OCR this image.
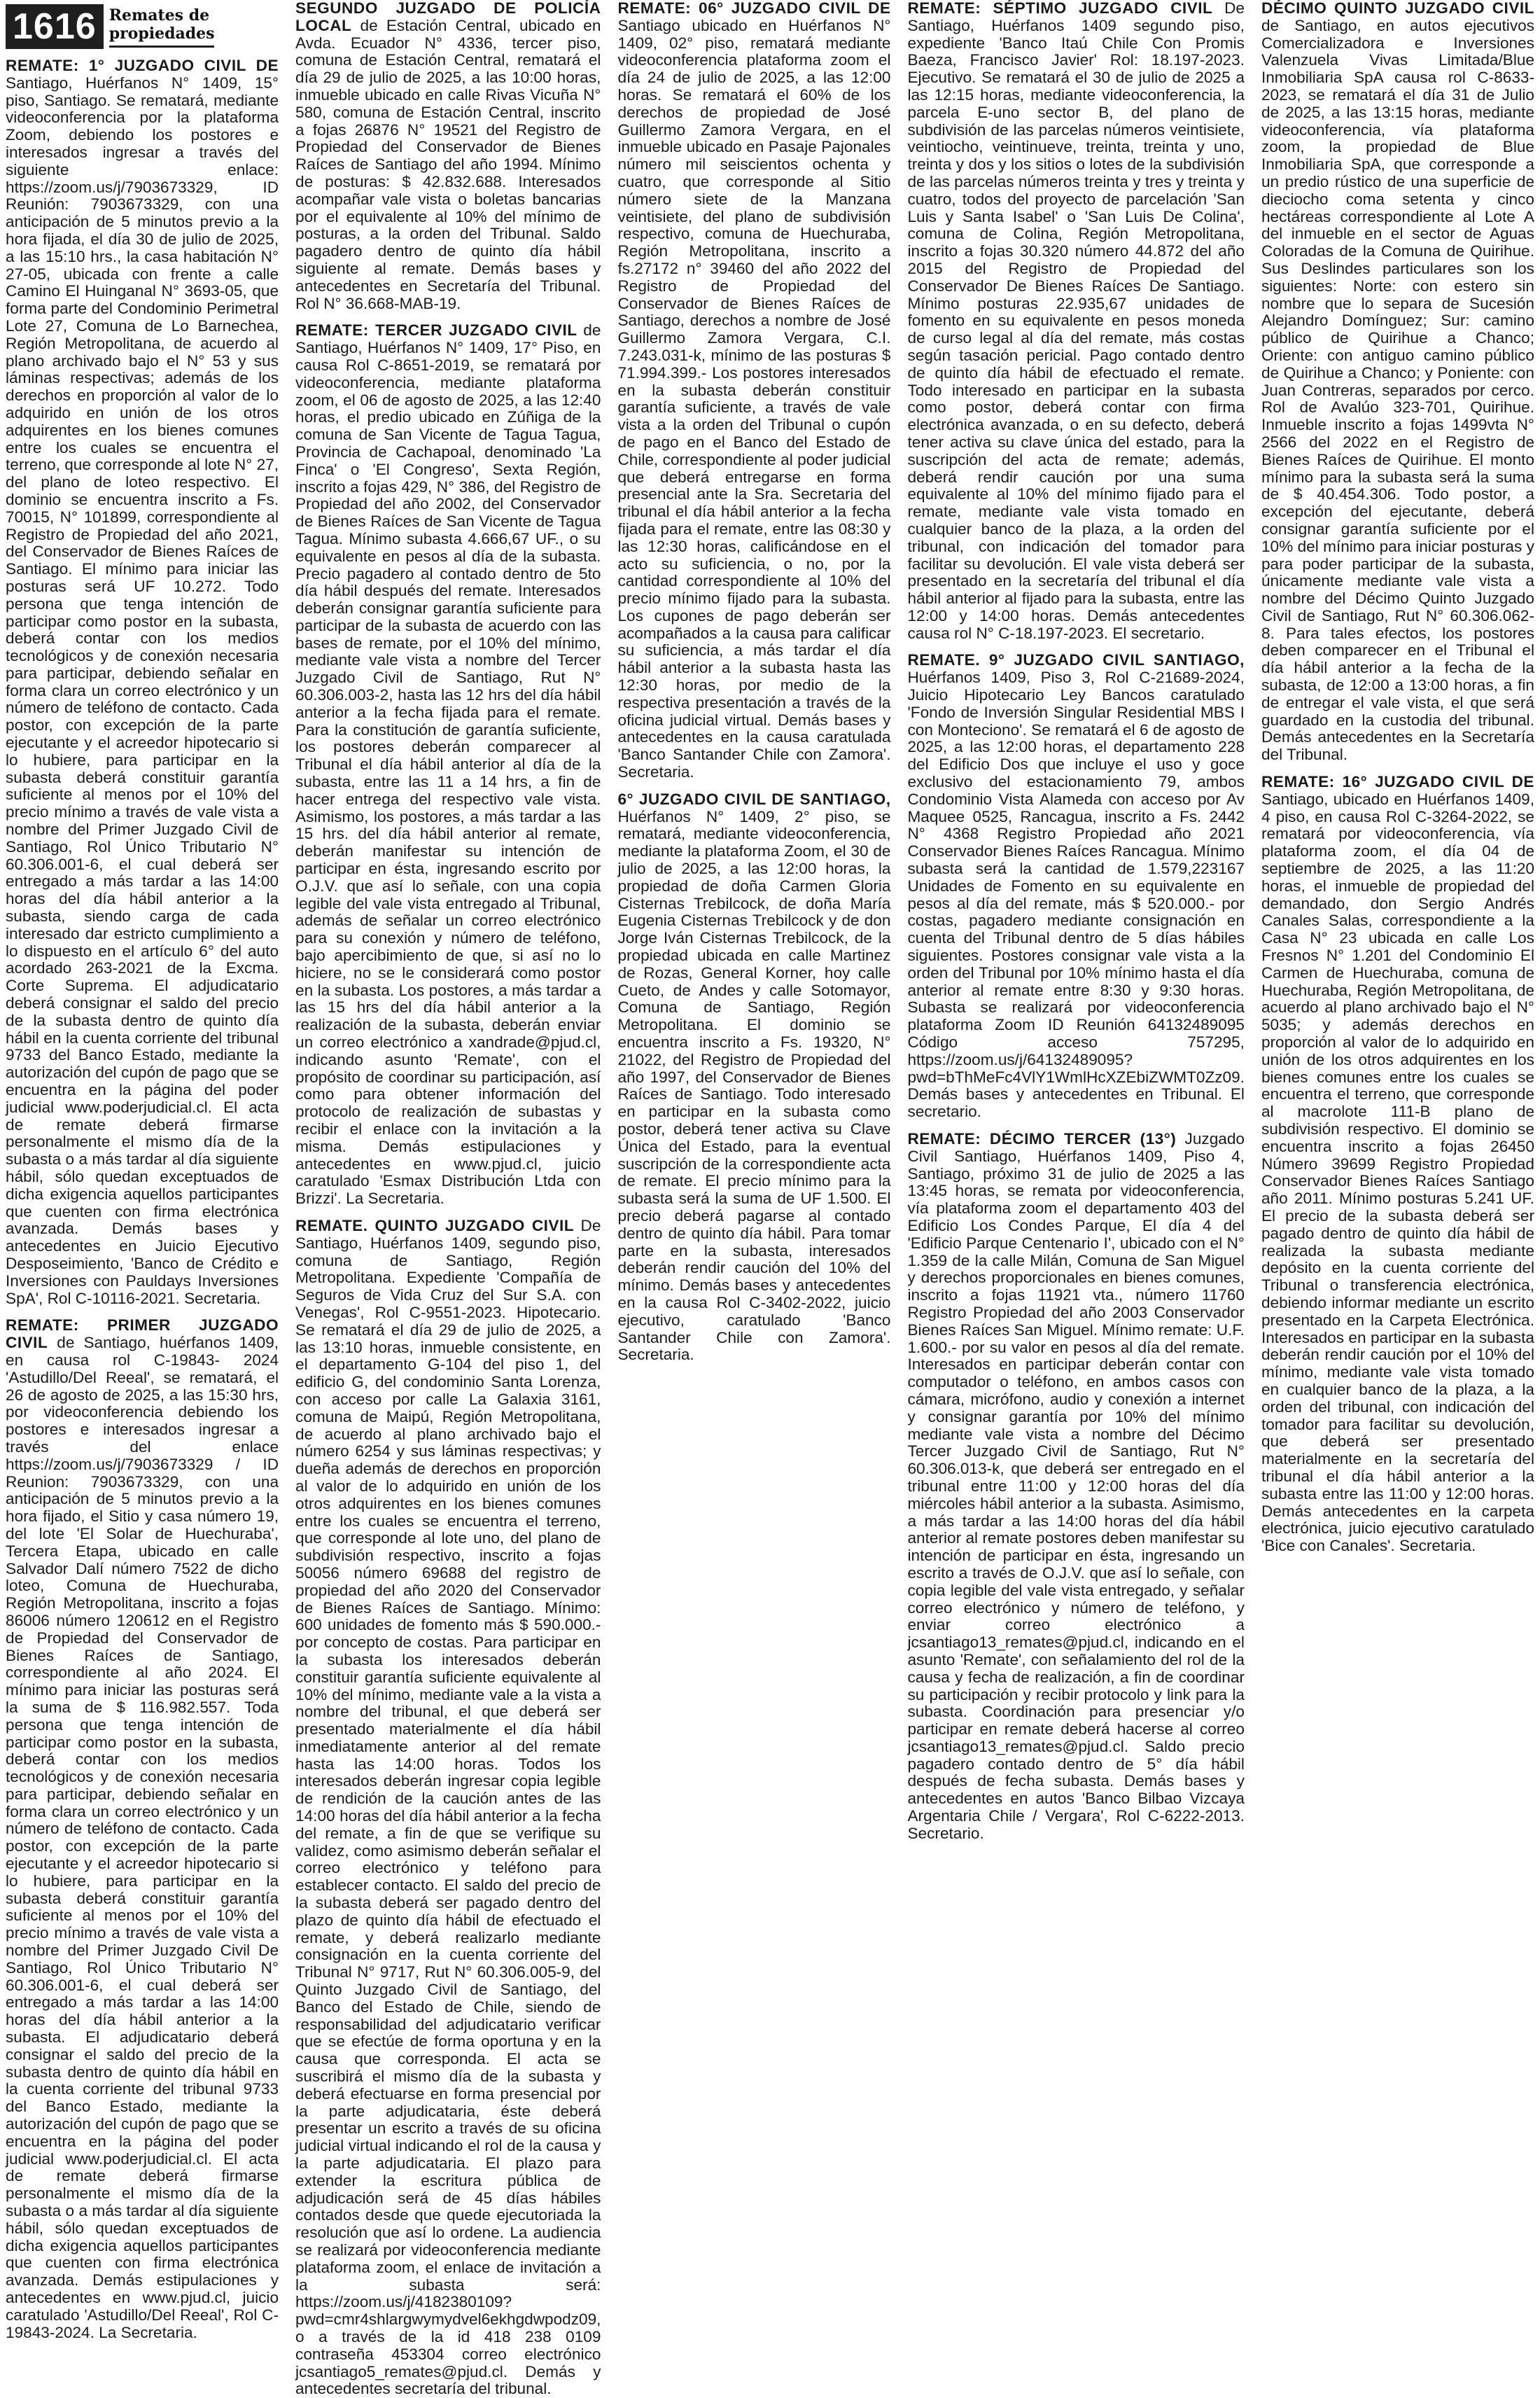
1616 Remates de
propiedades

REMATE: 1° JUZGADO CIVIL DE Santiago, Huérfanos N° 1409, 15° piso, Santiago. Se rematará, mediante videoconferencia por la plataforma Zoom, debiendo los postores e interesados ingresar a través del siguiente enlace: https://zoom.us/j/7903673329, ID Reunión: 7903673329, con una anticipación de 5 minutos previo a la hora fijada, el día 30 de julio de 2025, a las 15:10 hrs., la casa habitación N° 27-05, ubicada con frente a calle Camino El Huinganal N° 3693-05, que forma parte del Condominio Perimetral Lote 27, Comuna de Lo Barnechea, Región Metropolitana, de acuerdo al plano archivado bajo el N° 53 y sus láminas respectivas; además de los derechos en proporción al valor de lo adquirido en unión de los otros adquirentes en los bienes comunes entre los cuales se encuentra el terreno, que corresponde al lote N° 27, del plano de loteo respectivo. El dominio se encuentra inscrito a Fs. 70015, N° 101899, correspondiente al Registro de Propiedad del año 2021, del Conservador de Bienes Raíces de Santiago. El mínimo para iniciar las posturas será UF 10.272. Todo persona que tenga intención de participar como postor en la subasta, deberá contar con los medios tecnológicos y de conexión necesaria para participar, debiendo señalar en forma clara un correo electrónico y un número de teléfono de contacto. Cada postor, con excepción de la parte ejecutante y el acreedor hipotecario si lo hubiere, para participar en la subasta deberá constituir garantía suficiente al menos por el 10% del precio mínimo a través de vale vista a nombre del Primer Juzgado Civil de Santiago, Rol Único Tributario N° 60.306.001-6, el cual deberá ser entregado a más tardar a las 14:00 horas del día hábil anterior a la subasta, siendo carga de cada interesado dar estricto cumplimiento a lo dispuesto en el artículo 6° del auto acordado 263-2021 de la Excma. Corte Suprema. El adjudicatario deberá consignar el saldo del precio de la subasta dentro de quinto día hábil en la cuenta corriente del tribunal 9733 del Banco Estado, mediante la autorización del cupón de pago que se encuentra en la página del poder judicial www.poderjudicial.cl. El acta de remate deberá firmarse personalmente el mismo día de la subasta o a más tardar al día siguiente hábil, sólo quedan exceptuados de dicha exigencia aquellos participantes que cuenten con firma electrónica avanzada. Demás bases y antecedentes en Juicio Ejecutivo Desposeimiento, 'Banco de Crédito e Inversiones con Pauldays Inversiones SpA', Rol C-10116-2021. Secretaria.

REMATE: PRIMER JUZGADO CIVIL de Santiago, huérfanos 1409, en causa rol C-19843- 2024 'Astudillo/Del Reeal', se rematará, el 26 de agosto de 2025, a las 15:30 hrs, por videoconferencia debiendo los postores e interesados ingresar a través del enlace https://zoom.us/j/7903673329 / ID Reunion: 7903673329, con una anticipación de 5 minutos previo a la hora fijado, el Sitio y casa número 19, del lote 'El Solar de Huechuraba', Tercera Etapa, ubicado en calle Salvador Dalí número 7522 de dicho loteo, Comuna de Huechuraba, Región Metropolitana, inscrito a fojas 86006 número 120612 en el Registro de Propiedad del Conservador de Bienes Raíces de Santiago, correspondiente al año 2024. El mínimo para iniciar las posturas será la suma de $ 116.982.557. Toda persona que tenga intención de participar como postor en la subasta, deberá contar con los medios tecnológicos y de conexión necesaria para participar, debiendo señalar en forma clara un correo electrónico y un número de teléfono de contacto. Cada postor, con excepción de la parte ejecutante y el acreedor hipotecario si lo hubiere, para participar en la subasta deberá constituir garantía suficiente al menos por el 10% del precio mínimo a través de vale vista a nombre del Primer Juzgado Civil De Santiago, Rol Único Tributario N° 60.306.001-6, el cual deberá ser entregado a más tardar a las 14:00 horas del día hábil anterior a la subasta. El adjudicatario deberá consignar el saldo del precio de la subasta dentro de quinto día hábil en la cuenta corriente del tribunal 9733 del Banco Estado, mediante la autorización del cupón de pago que se encuentra en la página del poder judicial www.poderjudicial.cl. El acta de remate deberá firmarse personalmente el mismo día de la subasta o a más tardar al día siguiente hábil, sólo quedan exceptuados de dicha exigencia aquellos participantes que cuenten con firma electrónica avanzada. Demás estipulaciones y antecedentes en www.pjud.cl, juicio caratulado 'Astudillo/Del Reeal', Rol C- 19843-2024. La Secretaria.

SEGUNDO JUZGADO DE POLICÍA LOCAL de Estación Central, ubicado en Avda. Ecuador N° 4336, tercer piso, comuna de Estación Central, rematará el día 29 de julio de 2025, a las 10:00 horas, inmueble ubicado en calle Rivas Vicuña N° 580, comuna de Estación Central, inscrito a fojas 26876 N° 19521 del Registro de Propiedad del Conservador de Bienes Raíces de Santiago del año 1994. Mínimo de posturas: $ 42.832.688. Interesados acompañar vale vista o boletas bancarias por el equivalente al 10% del mínimo de posturas, a la orden del Tribunal. Saldo pagadero dentro de quinto día hábil siguiente al remate. Demás bases y antecedentes en Secretaría del Tribunal. Rol N° 36.668-MAB-19.

REMATE: TERCER JUZGADO CIVIL de Santiago, Huérfanos N° 1409, 17° Piso, en causa Rol C-8651-2019, se rematará por videoconferencia, mediante plataforma zoom, el 06 de agosto de 2025, a las 12:40 horas, el predio ubicado en Zúñiga de la comuna de San Vicente de Tagua Tagua, Provincia de Cachapoal, denominado 'La Finca' o 'El Congreso', Sexta Región, inscrito a fojas 429, N° 386, del Registro de Propiedad del año 2002, del Conservador de Bienes Raíces de San Vicente de Tagua Tagua. Mínimo subasta 4.666,67 UF., o su equivalente en pesos al día de la subasta. Precio pagadero al contado dentro de 5to día hábil después del remate. Interesados deberán consignar garantía suficiente para participar de la subasta de acuerdo con las bases de remate, por el 10% del mínimo, mediante vale vista a nombre del Tercer Juzgado Civil de Santiago, Rut N° 60.306.003-2, hasta las 12 hrs del día hábil anterior a la fecha fijada para el remate. Para la constitución de garantía suficiente, los postores deberán comparecer al Tribunal el día hábil anterior al día de la subasta, entre las 11 a 14 hrs, a fin de hacer entrega del respectivo vale vista. Asimismo, los postores, a más tardar a las 15 hrs. del día hábil anterior al remate, deberán manifestar su intención de participar en ésta, ingresando escrito por O.J.V. que así lo señale, con una copia legible del vale vista entregado al Tribunal, además de señalar un correo electrónico para su conexión y número de teléfono, bajo apercibimiento de que, si así no lo hiciere, no se le considerará como postor en la subasta. Los postores, a más tardar a las 15 hrs del día hábil anterior a la realización de la subasta, deberán enviar un correo electrónico a xandrade@pjud.cl, indicando asunto 'Remate', con el propósito de coordinar su participación, así como para obtener información del protocolo de realización de subastas y recibir el enlace con la invitación a la misma. Demás estipulaciones y antecedentes en www.pjud.cl, juicio caratulado 'Esmax Distribución Ltda con Brizzi'. La Secretaria.

REMATE. QUINTO JUZGADO CIVIL De Santiago, Huérfanos 1409, segundo piso, comuna de Santiago, Región Metropolitana. Expediente 'Compañía de Seguros de Vida Cruz del Sur S.A. con Venegas', Rol C-9551-2023. Hipotecario. Se rematará el día 29 de julio de 2025, a las 13:10 horas, inmueble consistente, en el departamento G-104 del piso 1, del edificio G, del condominio Santa Lorenza, con acceso por calle La Galaxia 3161, comuna de Maipú, Región Metropolitana, de acuerdo al plano archivado bajo el número 6254 y sus láminas respectivas; y dueña además de derechos en proporción al valor de lo adquirido en unión de los otros adquirentes en los bienes comunes entre los cuales se encuentra el terreno, que corresponde al lote uno, del plano de subdivisión respectivo, inscrito a fojas 50056 número 69688 del registro de propiedad del año 2020 del Conservador de Bienes Raíces de Santiago. Mínimo: 600 unidades de fomento más $ 590.000.- por concepto de costas. Para participar en la subasta los interesados deberán constituir garantía suficiente equivalente al 10% del mínimo, mediante vale a la vista a nombre del tribunal, el que deberá ser presentado materialmente el día hábil inmediatamente anterior al del remate hasta las 14:00 horas. Todos los interesados deberán ingresar copia legible de rendición de la caución antes de las 14:00 horas del día hábil anterior a la fecha del remate, a fin de que se verifique su validez, como asimismo deberán señalar el correo electrónico y teléfono para establecer contacto. El saldo del precio de la subasta deberá ser pagado dentro del plazo de quinto día hábil de efectuado el remate, y deberá realizarlo mediante consignación en la cuenta corriente del Tribunal N° 9717, Rut N° 60.306.005-9, del Quinto Juzgado Civil de Santiago, del Banco del Estado de Chile, siendo de responsabilidad del adjudicatario verificar que se efectúe de forma oportuna y en la causa que corresponda. El acta se suscribirá el mismo día de la subasta y deberá efectuarse en forma presencial por la parte adjudicataria, éste deberá presentar un escrito a través de su oficina judicial virtual indicando el rol de la causa y la parte adjudicataria. El plazo para extender la escritura pública de adjudicación será de 45 días hábiles contados desde que quede ejecutoriada la resolución que así lo ordene. La audiencia se realizará por videoconferencia mediante plataforma zoom, el enlace de invitación a la subasta será: https://zoom.us/j/4182380109?pwd=cmr4shlargwymydvel6ekhgdwpodz09, o a través de la id 418 238 0109 contraseña 453304 correo electrónico jcsantiago5_remates@pjud.cl. Demás y antecedentes secretaría del tribunal.

REMATE: 06° JUZGADO CIVIL DE Santiago ubicado en Huérfanos N° 1409, 02° piso, rematará mediante videoconferencia plataforma zoom el día 24 de julio de 2025, a las 12:00 horas. Se rematará el 60% de los derechos de propiedad de José Guillermo Zamora Vergara, en el inmueble ubicado en Pasaje Pajonales número mil seiscientos ochenta y cuatro, que corresponde al Sitio número siete de la Manzana veintisiete, del plano de subdivisión respectivo, comuna de Huechuraba, Región Metropolitana, inscrito a fs.27172 n° 39460 del año 2022 del Registro de Propiedad del Conservador de Bienes Raíces de Santiago, derechos a nombre de José Guillermo Zamora Vergara, C.I. 7.243.031-k, mínimo de las posturas $ 71.994.399.- Los postores interesados en la subasta deberán constituir garantía suficiente, a través de vale vista a la orden del Tribunal o cupón de pago en el Banco del Estado de Chile, correspondiente al poder judicial que deberá entregarse en forma presencial ante la Sra. Secretaria del tribunal el día hábil anterior a la fecha fijada para el remate, entre las 08:30 y las 12:30 horas, calificándose en el acto su suficiencia, o no, por la cantidad correspondiente al 10% del precio mínimo fijado para la subasta. Los cupones de pago deberán ser acompañados a la causa para calificar su suficiencia, a más tardar el día hábil anterior a la subasta hasta las 12:30 horas, por medio de la respectiva presentación a través de la oficina judicial virtual. Demás bases y antecedentes en la causa caratulada 'Banco Santander Chile con Zamora'. Secretaria.

6° JUZGADO CIVIL DE SANTIAGO, Huérfanos N° 1409, 2° piso, se rematará, mediante videoconferencia, mediante la plataforma Zoom, el 30 de julio de 2025, a las 12:00 horas, la propiedad de doña Carmen Gloria Cisternas Trebilcock, de doña María Eugenia Cisternas Trebilcock y de don Jorge Iván Cisternas Trebilcock, de la propiedad ubicada en calle Martinez de Rozas, General Korner, hoy calle Cueto, de Andes y calle Sotomayor, Comuna de Santiago, Región Metropolitana. El dominio se encuentra inscrito a Fs. 19320, N° 21022, del Registro de Propiedad del año 1997, del Conservador de Bienes Raíces de Santiago. Todo interesado en participar en la subasta como postor, deberá tener activa su Clave Única del Estado, para la eventual suscripción de la correspondiente acta de remate. El precio mínimo para la subasta será la suma de UF 1.500. El precio deberá pagarse al contado dentro de quinto día hábil. Para tomar parte en la subasta, interesados deberán rendir caución del 10% del mínimo. Demás bases y antecedentes en la causa Rol C-3402-2022, juicio ejecutivo, caratulado 'Banco Santander Chile con Zamora'. Secretaria.

REMATE: SÉPTIMO JUZGADO CIVIL De Santiago, Huérfanos 1409 segundo piso, expediente 'Banco Itaú Chile Con Promis Baeza, Francisco Javier' Rol: 18.197-2023. Ejecutivo. Se rematará el 30 de julio de 2025 a las 12:15 horas, mediante videoconferencia, la parcela E-uno sector B, del plano de subdivisión de las parcelas números veintisiete, veintiocho, veintinueve, treinta, treinta y uno, treinta y dos y los sitios o lotes de la subdivisión de las parcelas números treinta y tres y treinta y cuatro, todos del proyecto de parcelación 'San Luis y Santa Isabel' o 'San Luis De Colina', comuna de Colina, Región Metropolitana, inscrito a fojas 30.320 número 44.872 del año 2015 del Registro de Propiedad del Conservador De Bienes Raíces De Santiago. Mínimo posturas 22.935,67 unidades de fomento en su equivalente en pesos moneda de curso legal al día del remate, más costas según tasación pericial. Pago contado dentro de quinto día hábil de efectuado el remate. Todo interesado en participar en la subasta como postor, deberá contar con firma electrónica avanzada, o en su defecto, deberá tener activa su clave única del estado, para la suscripción del acta de remate; además, deberá rendir caución por una suma equivalente al 10% del mínimo fijado para el remate, mediante vale vista tomado en cualquier banco de la plaza, a la orden del tribunal, con indicación del tomador para facilitar su devolución. El vale vista deberá ser presentado en la secretaría del tribunal el día hábil anterior al fijado para la subasta, entre las 12:00 y 14:00 horas. Demás antecedentes causa rol N° C-18.197-2023. El secretario.

REMATE. 9° JUZGADO CIVIL SANTIAGO, Huérfanos 1409, Piso 3, Rol C-21689-2024, Juicio Hipotecario Ley Bancos caratulado 'Fondo de Inversión Singular Residential MBS I con Monteciono'. Se rematará el 6 de agosto de 2025, a las 12:00 horas, el departamento 228 del Edificio Dos que incluye el uso y goce exclusivo del estacionamiento 79, ambos Condominio Vista Alameda con acceso por Av Maquee 0525, Rancagua, inscrito a Fs. 2442 N° 4368 Registro Propiedad año 2021 Conservador Bienes Raíces Rancagua. Mínimo subasta será la cantidad de 1.579,223167 Unidades de Fomento en su equivalente en pesos al día del remate, más $ 520.000.- por costas, pagadero mediante consignación en cuenta del Tribunal dentro de 5 días hábiles siguientes. Postores consignar vale vista a la orden del Tribunal por 10% mínimo hasta el día anterior al remate entre 8:30 y 9:30 horas. Subasta se realizará por videoconferencia plataforma Zoom ID Reunión 64132489095 Código acceso 757295, https://zoom.us/j/64132489095?pwd=bThMeFc4VlY1WmlHcXZEbiZWMT0Zz09. Demás bases y antecedentes en Tribunal. El secretario.

REMATE: DÉCIMO TERCER (13°) Juzgado Civil Santiago, Huérfanos 1409, Piso 4, Santiago, próximo 31 de julio de 2025 a las 13:45 horas, se remata por videoconferencia, vía plataforma zoom el departamento 403 del Edificio Los Condes Parque, El día 4 del 'Edificio Parque Centenario I', ubicado con el N° 1.359 de la calle Milán, Comuna de San Miguel y derechos proporcionales en bienes comunes, inscrito a fojas 11921 vta., número 11760 Registro Propiedad del año 2003 Conservador Bienes Raíces San Miguel. Mínimo remate: U.F. 1.600.- por su valor en pesos al día del remate. Interesados en participar deberán contar con computador o teléfono, en ambos casos con cámara, micrófono, audio y conexión a internet y consignar garantía por 10% del mínimo mediante vale vista a nombre del Décimo Tercer Juzgado Civil de Santiago, Rut N° 60.306.013-k, que deberá ser entregado en el tribunal entre 11:00 y 12:00 horas del día miércoles hábil anterior a la subasta. Asimismo, a más tardar a las 14:00 horas del día hábil anterior al remate postores deben manifestar su intención de participar en ésta, ingresando un escrito a través de O.J.V. que así lo señale, con copia legible del vale vista entregado, y señalar correo electrónico y número de teléfono, y enviar correo electrónico a jcsantiago13_remates@pjud.cl, indicando en el asunto 'Remate', con señalamiento del rol de la causa y fecha de realización, a fin de coordinar su participación y recibir protocolo y link para la subasta. Coordinación para presenciar y/o participar en remate deberá hacerse al correo jcsantiago13_remates@pjud.cl. Saldo precio pagadero contado dentro de 5° día hábil después de fecha subasta. Demás bases y antecedentes en autos 'Banco Bilbao Vizcaya Argentaria Chile / Vergara', Rol C-6222-2013. Secretario.

DÉCIMO QUINTO JUZGADO CIVIL de Santiago, en autos ejecutivos Comercializadora e Inversiones Valenzuela Vivas Limitada/Blue Inmobiliaria SpA causa rol C-8633-2023, se rematará el día 31 de Julio de 2025, a las 13:15 horas, mediante videoconferencia, vía plataforma zoom, la propiedad de Blue Inmobiliaria SpA, que corresponde a un predio rústico de una superficie de dieciocho coma setenta y cinco hectáreas correspondiente al Lote A del inmueble en el sector de Aguas Coloradas de la Comuna de Quirihue. Sus Deslindes particulares son los siguientes: Norte: con estero sin nombre que lo separa de Sucesión Alejandro Domínguez; Sur: camino público de Quirihue a Chanco; Oriente: con antiguo camino público de Quirihue a Chanco; y Poniente: con Juan Contreras, separados por cerco. Rol de Avalúo 323-701, Quirihue. Inmueble inscrito a fojas 1499vta N° 2566 del 2022 en el Registro de Bienes Raíces de Quirihue. El monto mínimo para la subasta será la suma de $ 40.454.306. Todo postor, a excepción del ejecutante, deberá consignar garantía suficiente por el 10% del mínimo para iniciar posturas y para poder participar de la subasta, únicamente mediante vale vista a nombre del Décimo Quinto Juzgado Civil de Santiago, Rut N° 60.306.062-8. Para tales efectos, los postores deben comparecer en el Tribunal el día hábil anterior a la fecha de la subasta, de 12:00 a 13:00 horas, a fin de entregar el vale vista, el que será guardado en la custodia del tribunal. Demás antecedentes en la Secretaría del Tribunal.

REMATE: 16° JUZGADO CIVIL DE Santiago, ubicado en Huérfanos 1409, 4 piso, en causa Rol C-3264-2022, se rematará por videoconferencia, vía plataforma zoom, el día 04 de septiembre de 2025, a las 11:20 horas, el inmueble de propiedad del demandado, don Sergio Andrés Canales Salas, correspondiente a la Casa N° 23 ubicada en calle Los Fresnos N° 1.201 del Condominio El Carmen de Huechuraba, comuna de Huechuraba, Región Metropolitana, de acuerdo al plano archivado bajo el N° 5035; y además derechos en proporción al valor de lo adquirido en unión de los otros adquirentes en los bienes comunes entre los cuales se encuentra el terreno, que corresponde al macrolote 111-B plano de subdivisión respectivo. El dominio se encuentra inscrito a fojas 26450 Número 39699 Registro Propiedad Conservador Bienes Raíces Santiago año 2011. Mínimo posturas 5.241 UF. El precio de la subasta deberá ser pagado dentro de quinto día hábil de realizada la subasta mediante depósito en la cuenta corriente del Tribunal o transferencia electrónica, debiendo informar mediante un escrito presentado en la Carpeta Electrónica. Interesados en participar en la subasta deberán rendir caución por el 10% del mínimo, mediante vale vista tomado en cualquier banco de la plaza, a la orden del tribunal, con indicación del tomador para facilitar su devolución, que deberá ser presentado materialmente en la secretaría del tribunal el día hábil anterior a la subasta entre las 11:00 y 12:00 horas. Demás antecedentes en la carpeta electrónica, juicio ejecutivo caratulado 'Bice con Canales'. Secretaria.
